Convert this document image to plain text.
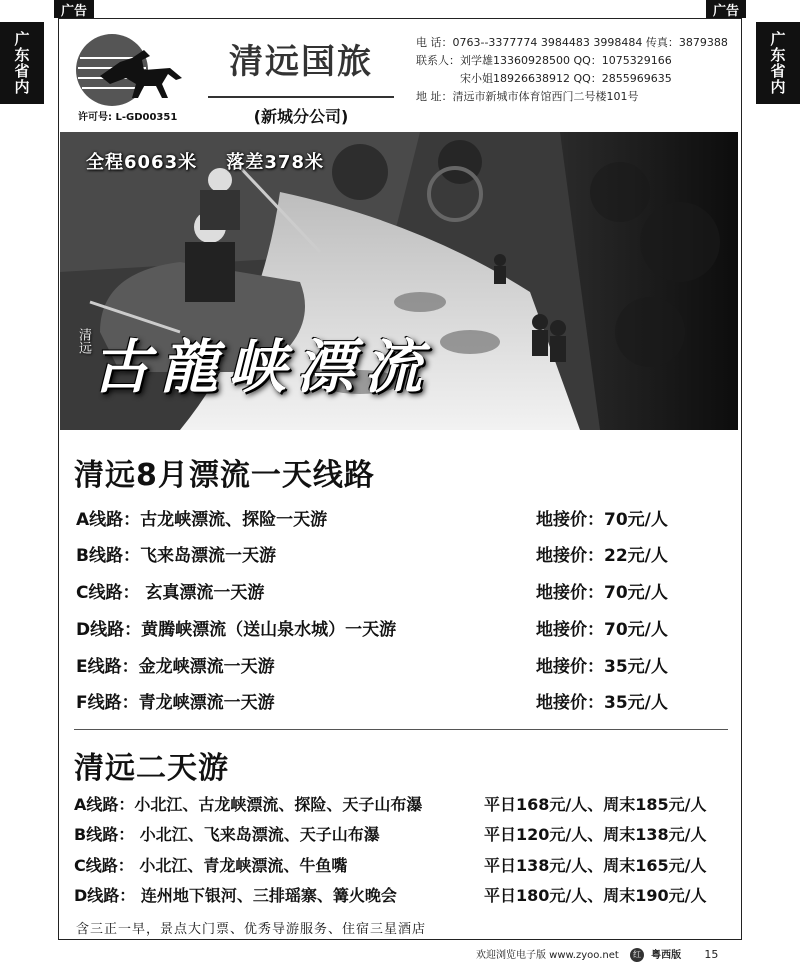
广告	广告
广东省内	广东省内
许可号: L-GD00351
清远国旅
(新城分公司)
电 话：0763--3377774 3984483 3998484 传真：3879388
联系人：刘学雄13360928500 QQ：1075329166
宋小姐18926638912 QQ：2855969635
地 址：清远市新城市体育馆西门二号楼101号
全程6063米 落差378米
清远 古龍峡漂流
清远8月漂流一天线路
A线路：古龙峡漂流、探险一天游	地接价：70元/人
B线路：飞来岛漂流一天游	地接价：22元/人
C线路： 玄真漂流一天游	地接价：70元/人
D线路：黄腾峡漂流（送山泉水城）一天游	地接价：70元/人
E线路：金龙峡漂流一天游	地接价：35元/人
F线路：青龙峡漂流一天游	地接价：35元/人
清远二天游
A线路：小北江、古龙峡漂流、探险、天子山布瀑	平日168元/人、周末185元/人
B线路： 小北江、飞来岛漂流、天子山布瀑	平日120元/人、周末138元/人
C线路： 小北江、青龙峡漂流、牛鱼嘴	平日138元/人、周末165元/人
D线路： 连州地下银河、三排瑶寨、篝火晚会	平日180元/人、周末190元/人
含三正一早，景点大门票、优秀导游服务、住宿三星酒店
欢迎浏览电子版 www.zyoo.net 红 粤西版 15
